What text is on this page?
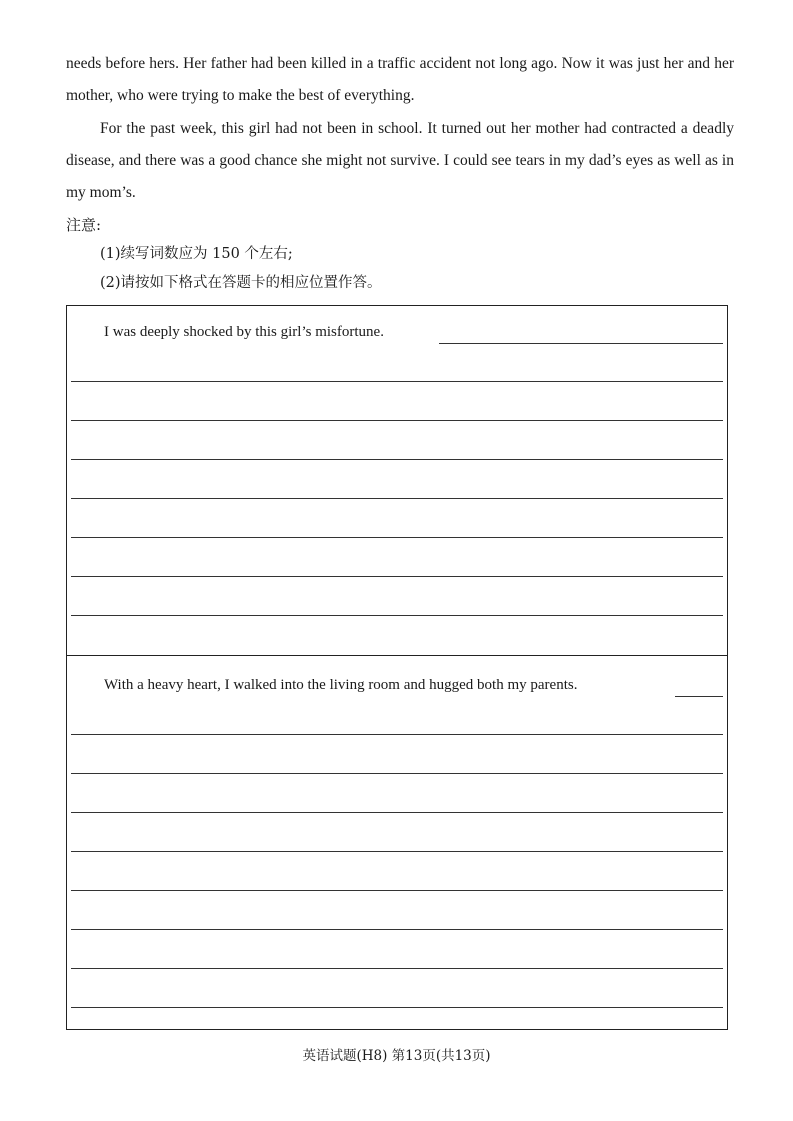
needs before hers. Her father had been killed in a traffic accident not long ago. Now it was just her and her mother, who were trying to make the best of everything.

For the past week, this girl had not been in school. It turned out her mother had contracted a deadly disease, and there was a good chance she might not survive. I could see tears in my dad’s eyes as well as in my mom’s.

注意:
(1)续写词数应为 150 个左右;
(2)请按如下格式在答题卡的相应位置作答。
I was deeply shocked by this girl’s misfortune.
With a heavy heart, I walked into the living room and hugged both my parents.
英语试题(H8) 第13页(共13页)
